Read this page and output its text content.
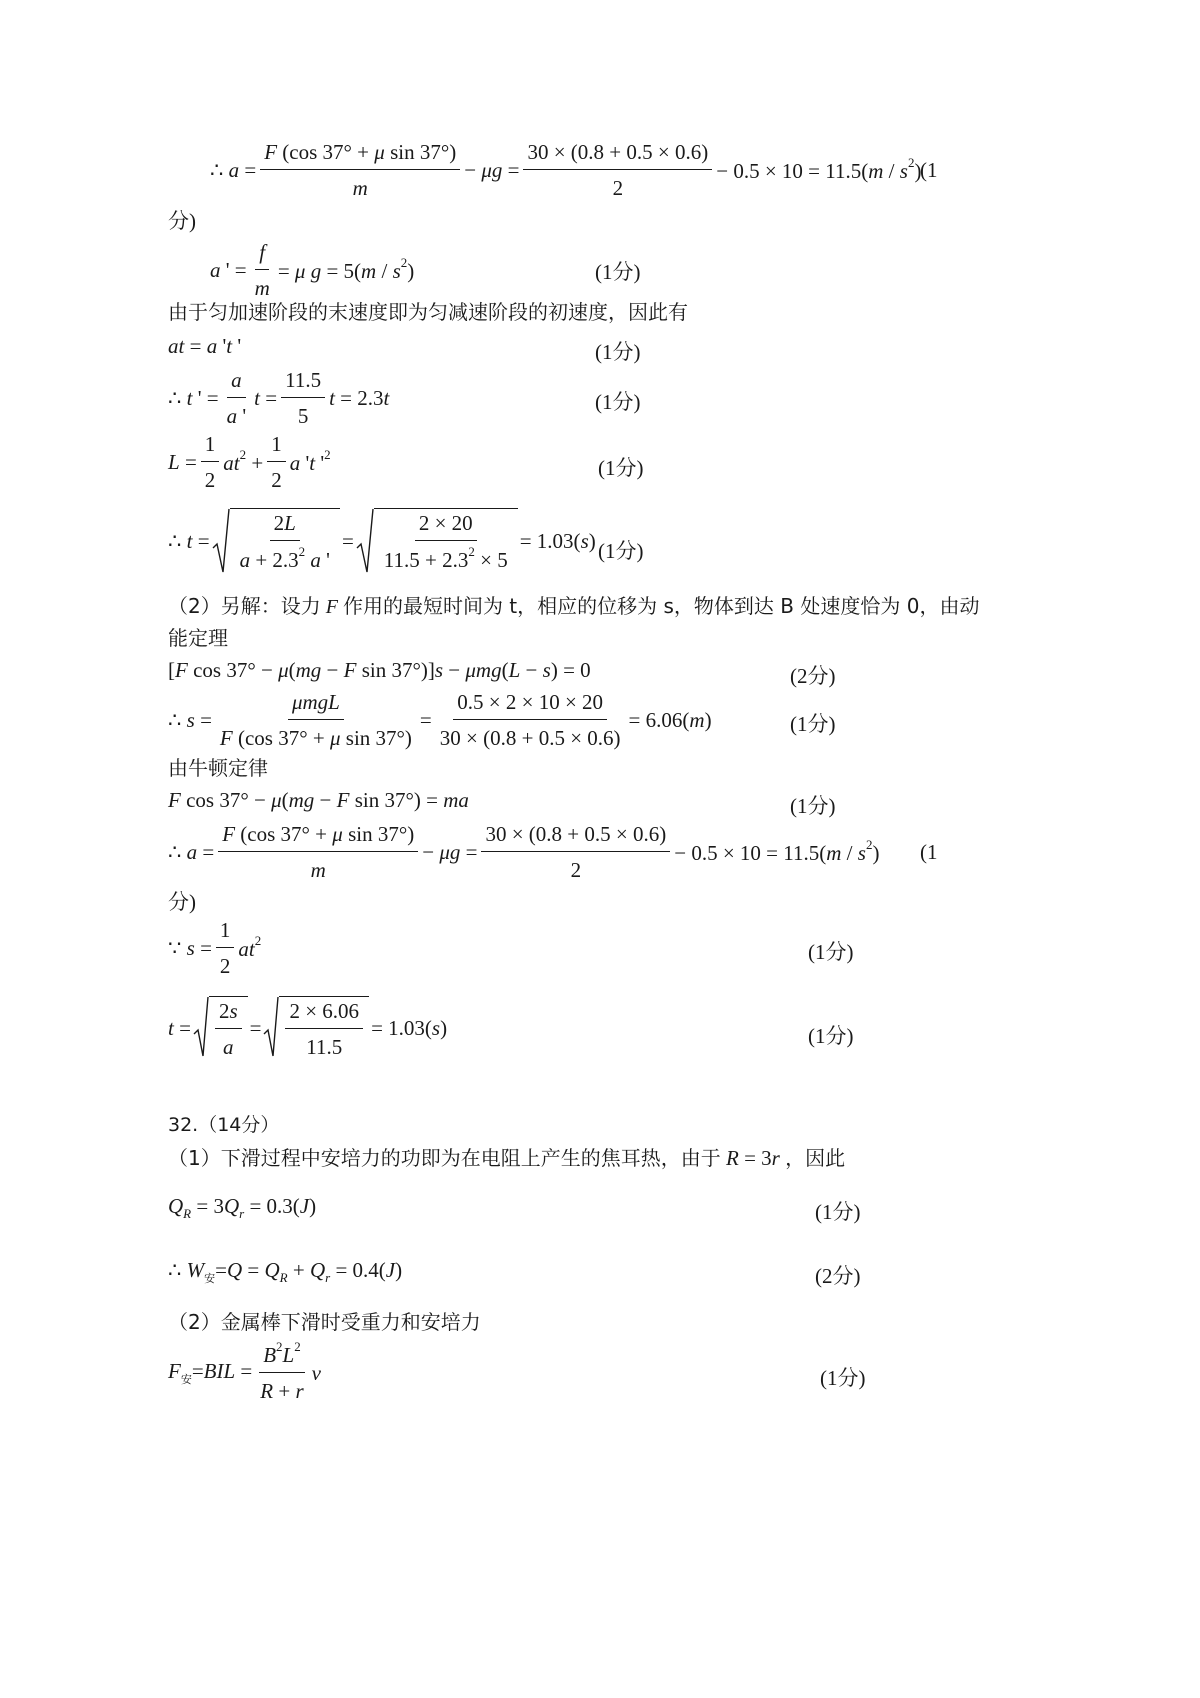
∴ $a = \frac{\text{F (cos 37° + μ sin 37°)}}{m} - \mu g = \frac{30 \times (0.8 + 0.5 \times 0.6)}{2} - 0.5 \times 10 = 11.5(m / s^2)$
(1
分)
a ' = $\frac{f}{m} = \mu$ $g = 5(m / s^2)$	(1分)
由于匀加速阶段的末速度即为匀减速阶段的初速度，因此有
at = a 't '	(1分)
∴ t ' = $\frac{a}{a '}$ $t = \frac{11.5}{5}$ t = 2.3t	(1分)
$L = \frac{1}{2} at^2 + \frac{1}{2}$ a 't '$^2$
(1分)
∴ $t = \frac{2L}{a + 2.3^2 a '} = \frac{2 \times 20}{11.5 + 2.3^2 \times 5} = 1.03(s)$ (1分)
（2）另解：设力 F 作用的最短时间为 t，相应的位移为 s，物体到达 B 处速度恰为 0，由动
能定理
[F cos 37° − μ(mg − F sin 37°)]s − μmg(L − s) = 0	(2分)
∴ $s = \frac{\text{μmgL}}{\text{F (cos 37° + μ sin 37°)}} = \frac{0.5 \times 2 \times 10 \times 20}{30 \times (0.8 + 0.5 \times 0.6)} = 6.06(m)$	(1分)
由牛顿定律
F cos 37° − μ(mg − F sin 37°) = ma	(1分)
∴ $a = \frac{\text{F (cos 37° + μ sin 37°)}}{m} - \mu g = \frac{30 \times (0.8 + 0.5 \times 0.6)}{2} - 0.5 \times 10 = 11.5(m / s^2)$ (1
分)
∵ $s = \frac{1}{2} at^2$	(1分)
$t = \frac{2s}{a} = \frac{2 \times 6.06}{11.5} = 1.03(s)$	(1分)
32.（14分）
（1）下滑过程中安培力的功即为在电阻上产生的焦耳热，由于 R = 3r ，因此
$Q_R = 3Q_r = 0.3(J)$	(1分)
∴ $W_安=Q = Q_R + Q_r = 0.4(J)$	(2分)
（2）金属棒下滑时受重力和安培力
$F_安=BIL = \frac{B^2L^2}{R + r}$ v	(1分)
